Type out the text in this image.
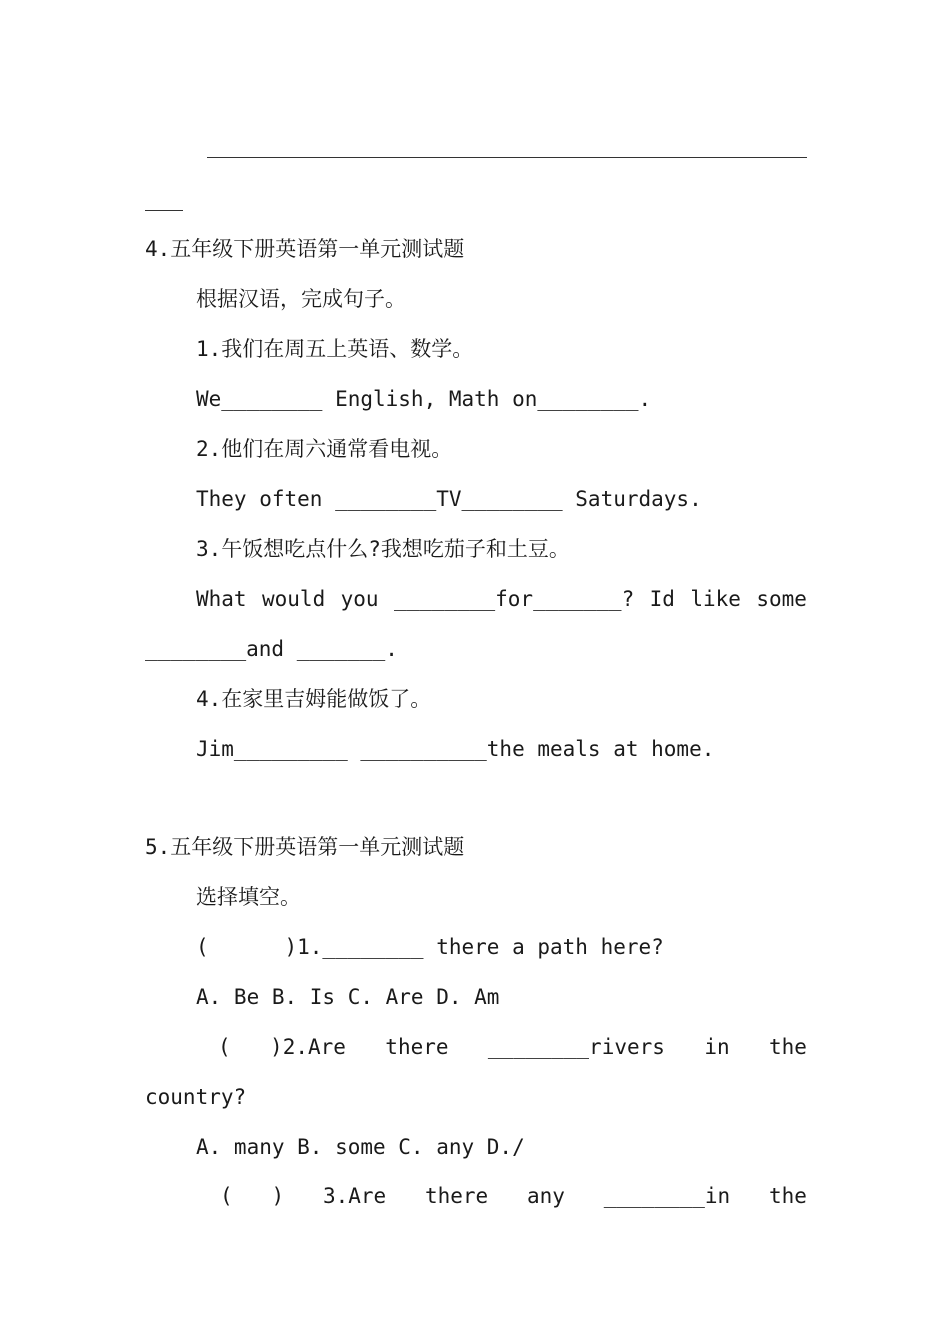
4.五年级下册英语第一单元测试题
根据汉语，完成句子。
1.我们在周五上英语、数学。
We________ English, Math on________.
2.他们在周六通常看电视。
They often ________TV________ Saturdays.
3.午饭想吃点什么?我想吃茄子和土豆。
What would you ________for_______? Id like some
________and _______.
4.在家里吉姆能做饭了。
Jim_________ __________the meals at home.
5.五年级下册英语第一单元测试题
选择填空。
(      )1.________ there a path here?
A. Be B. Is C. Are D. Am
( )2.Are there ________rivers in the
country?
A. many B. some C. any D./
( ) 3.Are there any ________in the
